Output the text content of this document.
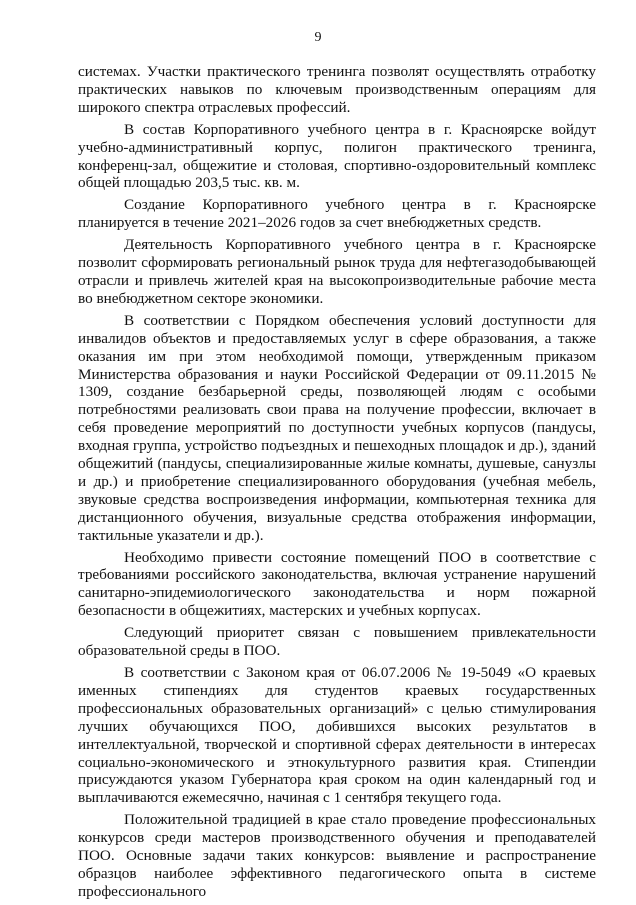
9

системах. Участки практического тренинга позволят осуществлять отработку практических навыков по ключевым производственным операциям для широкого спектра отраслевых профессий.

В состав Корпоративного учебного центра в г. Красноярске войдут учебно-административный корпус, полигон практического тренинга, конференц-зал, общежитие и столовая, спортивно-оздоровительный комплекс общей площадью 203,5 тыс. кв. м.

Создание Корпоративного учебного центра в г. Красноярске планируется в течение 2021–2026 годов за счет внебюджетных средств.

Деятельность Корпоративного учебного центра в г. Красноярске позволит сформировать региональный рынок труда для нефтегазодобывающей отрасли и привлечь жителей края на высокопроизводительные рабочие места во внебюджетном секторе экономики.

В соответствии с Порядком обеспечения условий доступности для инвалидов объектов и предоставляемых услуг в сфере образования, а также оказания им при этом необходимой помощи, утвержденным приказом Министерства образования и науки Российской Федерации от 09.11.2015 № 1309, создание безбарьерной среды, позволяющей людям с особыми потребностями реализовать свои права на получение профессии, включает в себя проведение мероприятий по доступности учебных корпусов (пандусы, входная группа, устройство подъездных и пешеходных площадок и др.), зданий общежитий (пандусы, специализированные жилые комнаты, душевые, санузлы и др.) и приобретение специализированного оборудования (учебная мебель, звуковые средства воспроизведения информации, компьютерная техника для дистанционного обучения, визуальные средства отображения информации, тактильные указатели и др.).

Необходимо привести состояние помещений ПОО в соответствие с требованиями российского законодательства, включая устранение нарушений санитарно-эпидемиологического законодательства и норм пожарной безопасности в общежитиях, мастерских и учебных корпусах.

Следующий приоритет связан с повышением привлекательности образовательной среды в ПОО.

В соответствии с Законом края от 06.07.2006 № 19-5049 «О краевых именных стипендиях для студентов краевых государственных профессиональных образовательных организаций» с целью стимулирования лучших обучающихся ПОО, добившихся высоких результатов в интеллектуальной, творческой и спортивной сферах деятельности в интересах социально-экономического и этнокультурного развития края. Стипендии присуждаются указом Губернатора края сроком на один календарный год и выплачиваются ежемесячно, начиная с 1 сентября текущего года.

Положительной традицией в крае стало проведение профессиональных конкурсов среди мастеров производственного обучения и преподавателей ПОО. Основные задачи таких конкурсов: выявление и распространение образцов наиболее эффективного педагогического опыта в системе профессионального
